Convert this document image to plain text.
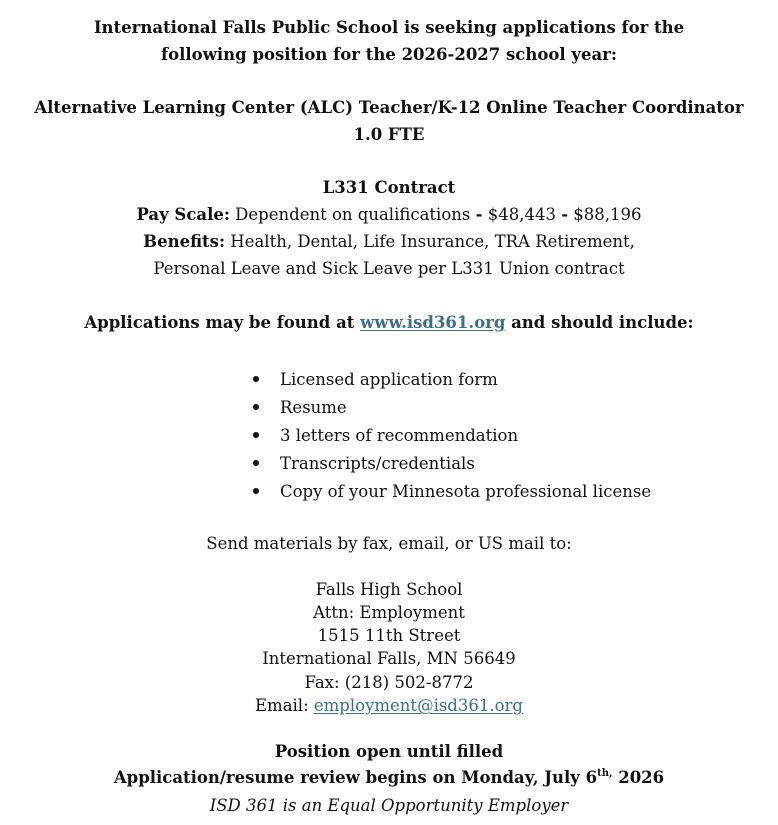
International Falls Public School is seeking applications for the
following position for the 2026-2027 school year:
Alternative Learning Center (ALC) Teacher/K-12 Online Teacher Coordinator
1.0 FTE
L331 Contract
Pay Scale: Dependent on qualifications - $48,443 - $88,196
Benefits: Health, Dental, Life Insurance, TRA Retirement,
Personal Leave and Sick Leave per L331 Union contract
Applications may be found at www.isd361.org and should include:
Licensed application form
Resume
3 letters of recommendation
Transcripts/credentials
Copy of your Minnesota professional license
Send materials by fax, email, or US mail to:
Falls High School
Attn: Employment
1515 11th Street
International Falls, MN 56649
Fax: (218) 502-8772
Email: employment@isd361.org
Position open until filled
Application/resume review begins on Monday, July $6^{th,}$ 2026
ISD 361 is an Equal Opportunity Employer
